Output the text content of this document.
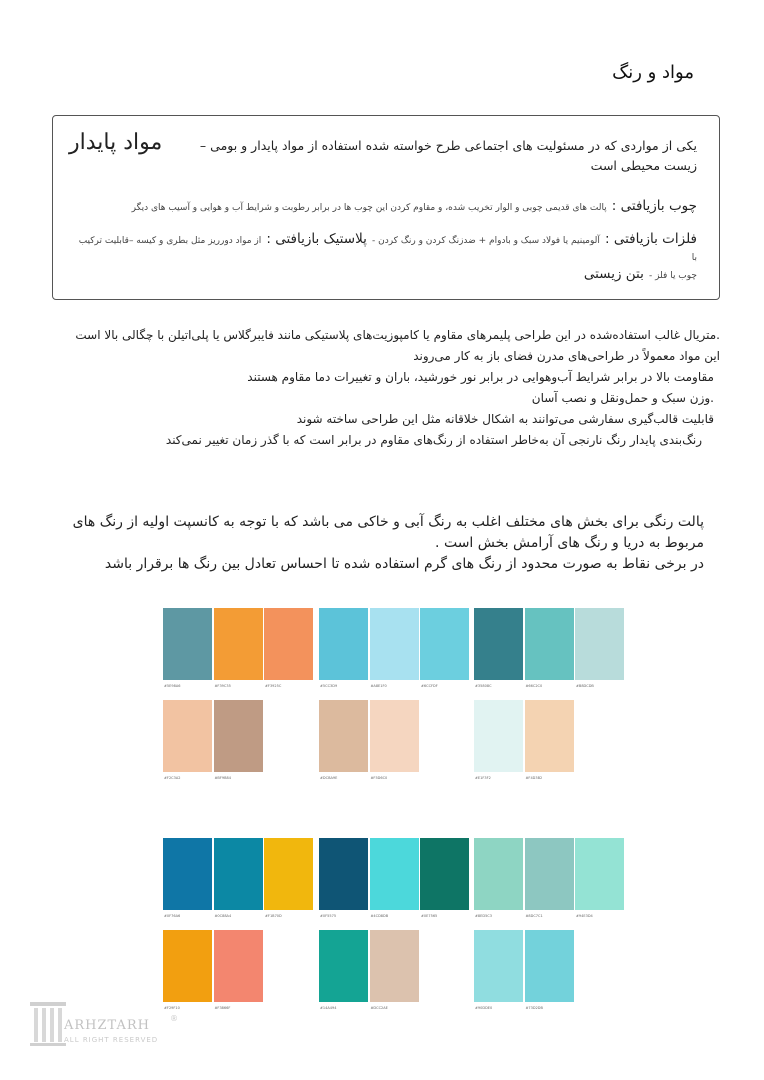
مواد و رنگ
مواد پایدار	یکی از مواردی که در مسئولیت های اجتماعی طرح خواسته شده استفاده از مواد پایدار و بومی –زیست محیطی است
چوب بازیافتی : پالت های قدیمی چوبی و الوار تخریب شده، و مقاوم کردن این چوب ها در برابر رطوبت و شرایط آب و هوایی و آسیب های دیگر
فلزات بازیافتی : آلومینیم یا فولاد سبک و بادوام + ضدزنگ کردن و رنگ کردن - پلاستیک بازیافتی : از مواد دورریز مثل بطری و کیسه –قابلیت ترکیب با
چوب یا فلز - بتن زیستی
.متریال غالب استفاده‌شده در این طراحی پلیمرهای مقاوم یا کامپوزیت‌های پلاستیکی مانند فایبرگلاس یا پلی‌اتیلن با چگالی بالا است
این مواد معمولاً در طراحی‌های مدرن فضای باز به کار می‌روند
مقاومت بالا در برابر شرایط آب‌وهوایی در برابر نور خورشید، باران و تغییرات دما مقاوم هستند
.وزن سبک و حمل‌ونقل و نصب آسان
قابلیت قالب‌گیری سفارشی می‌توانند به اشکال خلاقانه مثل این طراحی ساخته شوند
رنگ‌بندی پایدار رنگ نارنجی آن به‌خاطر استفاده از رنگ‌های مقاوم در برابر است که با گذر زمان تغییر نمی‌کند
پالت رنگی برای بخش های مختلف اغلب به رنگ آبی و خاکی می باشد که با توجه به کانسپت اولیه از رنگ های
مربوط به دریا و رنگ های آرامش بخش است .
در برخی نقاط به صورت محدود از رنگ های گرم استفاده شده تا احساس تعادل بین رنگ ها برقرار باشد
#5E98A6	#F39C35	#F3925C
#F2C3A2	#BF9B84
#5CC3D9	#A8E1F0	#6CCFDF
#DCBA9E	#F5D6C0
#35808C	#66C2C0	#B8DCDB
#E1F3F2	#F4D3B2
#0F76A6	#0C88A4	#F1B70D
#F29F10	#F3866F
#0F5575	#4CD8DB	#0E7565
#14A494	#DCC2AE
#8ED5C3	#8DC7C1	#94E3D4
#90DDE0	#73D2DB
ARHZTARH
ALL RIGHT RESERVED
®
